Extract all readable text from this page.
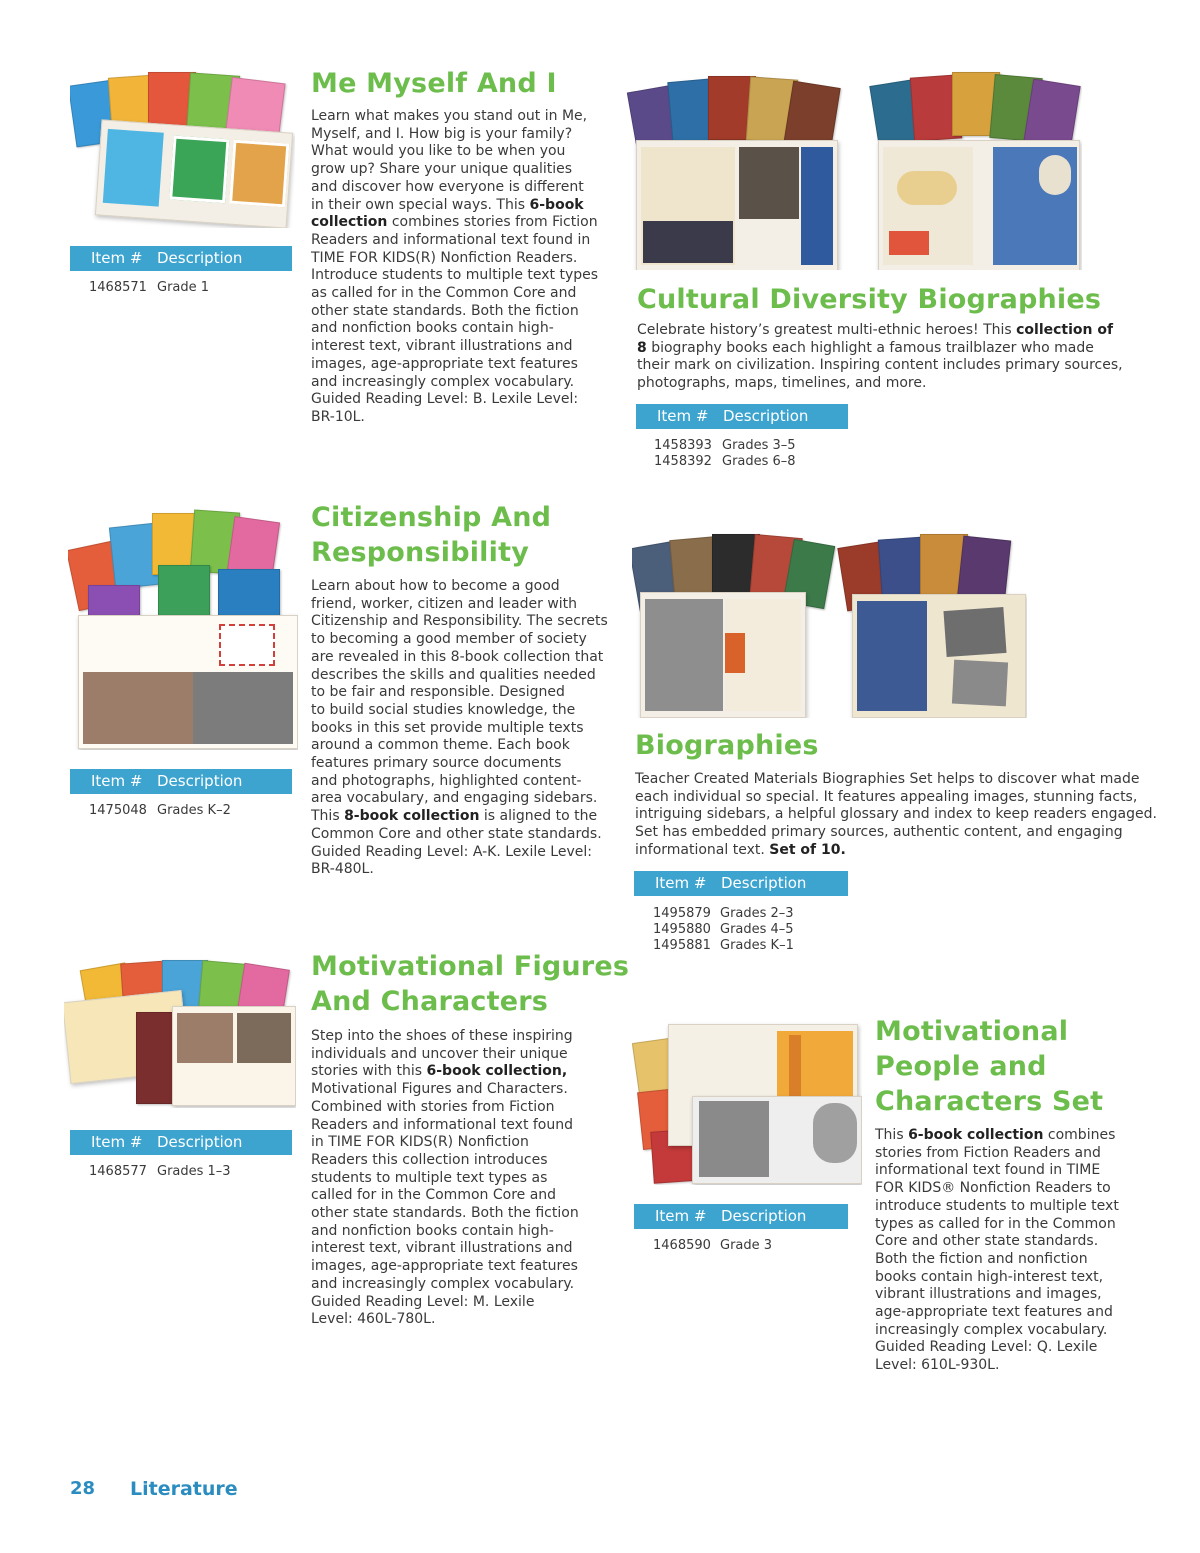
Me Myself And I
Learn what makes you stand out in Me,
Myself, and I. How big is your family?
What would you like to be when you
grow up? Share your unique qualities
and discover how everyone is different
in their own special ways. This 6-book
collection combines stories from Fiction
Readers and informational text found in
TIME FOR KIDS(R) Nonfiction Readers.
Introduce students to multiple text types
as called for in the Common Core and
other state standards. Both the fiction
and nonfiction books contain high-
interest text, vibrant illustrations and
images, age-appropriate text features
and increasingly complex vocabulary.
Guided Reading Level: B. Lexile Level:
BR-10L.
Item # Description
1468571 Grade 1	Cultural Diversity Biographies
Celebrate history’s greatest multi-ethnic heroes! This collection of
8 biography books each highlight a famous trailblazer who made
their mark on civilization. Inspiring content includes primary sources,
photographs, maps, timelines, and more.
Item # Description
1458393 Grades 3–5
1458392 Grades 6–8
Citizenship And
Responsibility
Learn about how to become a good
friend, worker, citizen and leader with
Citizenship and Responsibility. The secrets
to becoming a good member of society
are revealed in this 8-book collection that
describes the skills and qualities needed
to be fair and responsible. Designed
to build social studies knowledge, the
books in this set provide multiple texts
around a common theme. Each book
features primary source documents
and photographs, highlighted content-
area vocabulary, and engaging sidebars.
This 8-book collection is aligned to the
Common Core and other state standards.
Guided Reading Level: A-K. Lexile Level:
BR-480L.
Item # Description
1475048 Grades K–2
Biographies
Teacher Created Materials Biographies Set helps to discover what made
each individual so special. It features appealing images, stunning facts,
intriguing sidebars, a helpful glossary and index to keep readers engaged.
Set has embedded primary sources, authentic content, and engaging
informational text. Set of 10.
Item # Description
1495879 Grades 2–3
1495880 Grades 4–5
1495881 Grades K–1
Motivational Figures
And Characters
Step into the shoes of these inspiring
individuals and uncover their unique
stories with this 6-book collection,
Motivational Figures and Characters.
Combined with stories from Fiction
Readers and informational text found
in TIME FOR KIDS(R) Nonfiction
Readers this collection introduces
students to multiple text types as
called for in the Common Core and
other state standards. Both the fiction
and nonfiction books contain high-
interest text, vibrant illustrations and
images, age-appropriate text features
and increasingly complex vocabulary.
Guided Reading Level: M. Lexile
Level: 460L-780L.
Item # Description
1468577 Grades 1–3
Motivational
People and
Characters Set
This 6-book collection combines
stories from Fiction Readers and
informational text found in TIME
FOR KIDS® Nonfiction Readers to
introduce students to multiple text
types as called for in the Common
Core and other state standards.
Both the fiction and nonfiction
books contain high-interest text,
vibrant illustrations and images,
age-appropriate text features and
increasingly complex vocabulary.
Guided Reading Level: Q. Lexile
Level: 610L-930L.
Item # Description
1468590 Grade 3
28 Literature
